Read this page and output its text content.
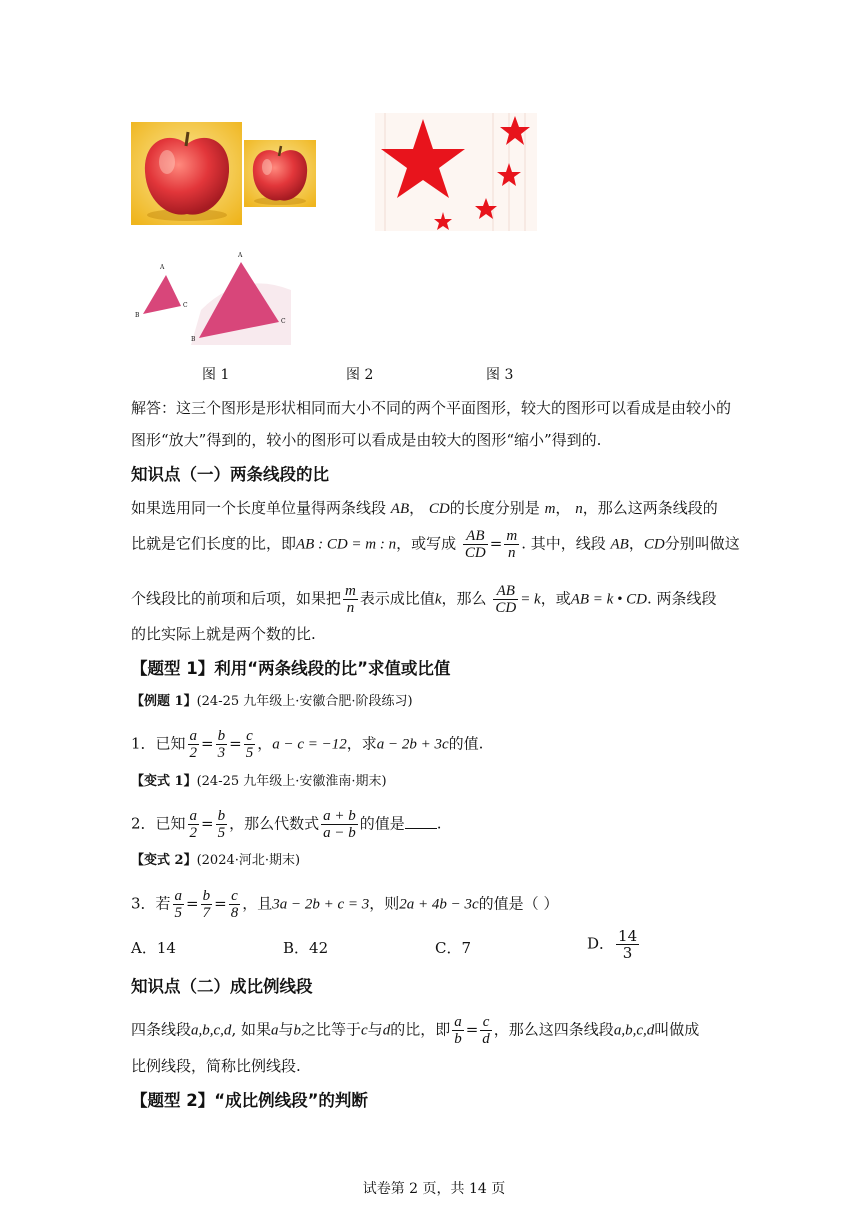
A
B
C
A
B
C
图 1	图 2	图 3
解答：这三个图形是形状相同而大小不同的两个平面图形，较大的图形可以看成是由较小的
图形“放大”得到的，较小的图形可以看成是由较大的图形“缩小”得到的.
知识点（一）两条线段的比
如果选用同一个长度单位量得两条线段 AB， CD的长度分别是 m， n，那么这两条线段的
比就是它们长度的比，即AB : CD = m : n，或写成 $\frac{AB}{CD} = \frac{m}{n}$ . 其中，线段 AB，CD分别叫做这
个线段比的前项和后项，如果把 $\frac{m}{n}$ 表示成比值k，那么 $\frac{AB}{CD} = k$，或AB = k • CD. 两条线段
的比实际上就是两个数的比.
【题型 1】利用“两条线段的比”求值或比值
【例题 1】(24-25 九年级上·安徽合肥·阶段练习)
1．已知 $\frac{a}{2} = \frac{b}{3} = \frac{c}{5}$ ，a − c = −12，求a − 2b + 3c的值.
【变式 1】(24-25 九年级上·安徽淮南·期末)
2．已知 $\frac{a}{2} = \frac{b}{5}$ ，那么代数式 $\frac{a + b}{a - b}$ 的值是 .
【变式 2】(2024·河北·期末)
3．若 $\frac{a}{5} = \frac{b}{7} = \frac{c}{8}$ ，且3a − 2b + c = 3，则2a + 4b − 3c的值是（ ）
A．14	B．42	C．7	D． $\frac{14}{3}$
知识点（二）成比例线段
四条线段a,b,c,d, 如果a与b之比等于c与d的比，即 $\frac{a}{b} = \frac{c}{d}$ ，那么这四条线段a,b,c,d叫做成
比例线段，简称比例线段.
【题型 2】“成比例线段”的判断
试卷第 2 页，共 14 页
